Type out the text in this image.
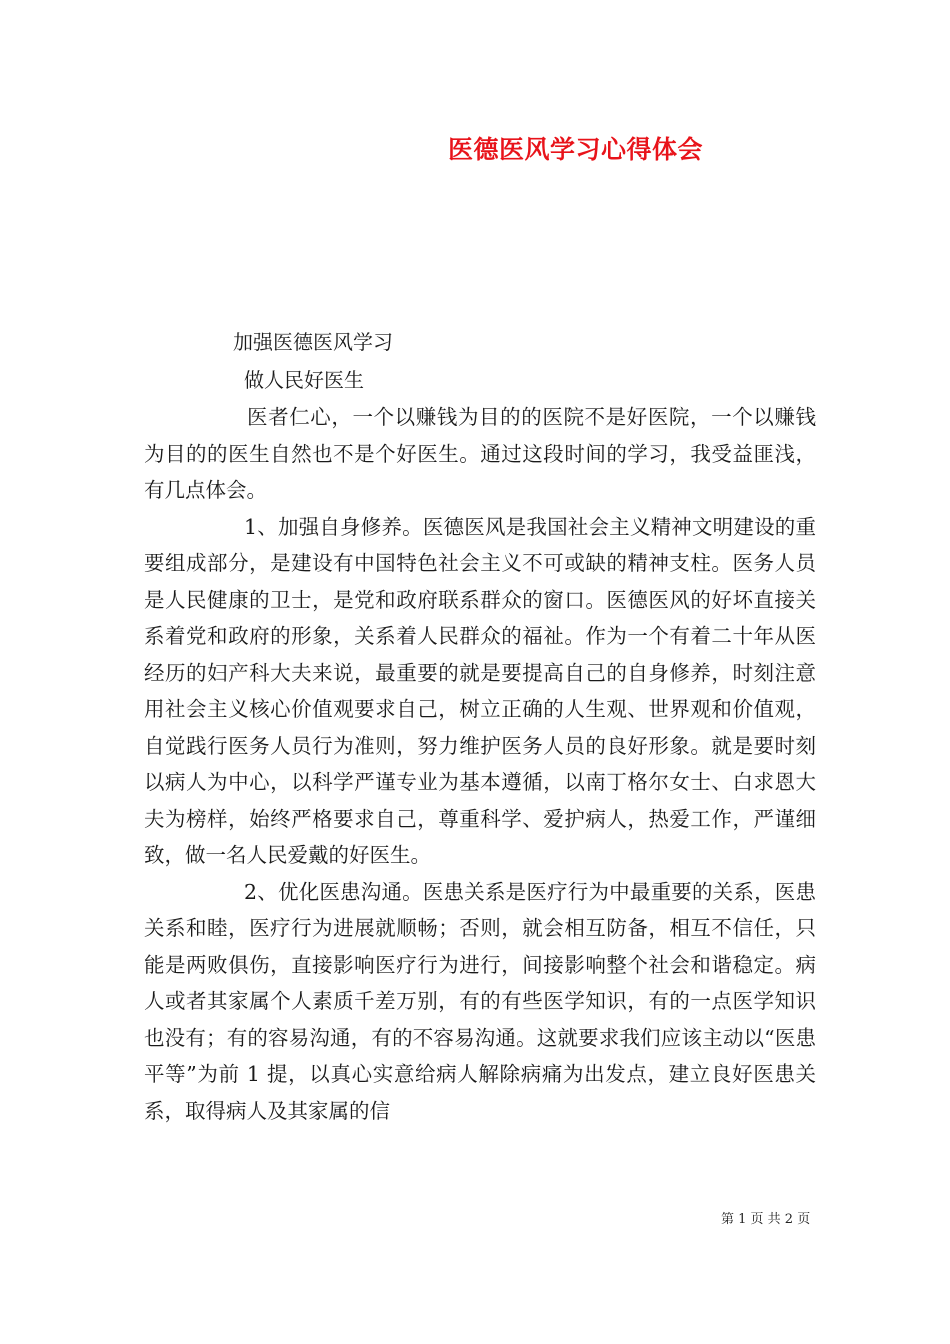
医德医风学习心得体会
加强医德医风学习
做人民好医生

医者仁心，一个以赚钱为目的的医院不是好医院，一个以赚钱为目的的医生自然也不是个好医生。通过这段时间的学习，我受益匪浅，有几点体会。

1、加强自身修养。医德医风是我国社会主义精神文明建设的重要组成部分，是建设有中国特色社会主义不可或缺的精神支柱。医务人员是人民健康的卫士，是党和政府联系群众的窗口。医德医风的好坏直接关系着党和政府的形象，关系着人民群众的福祉。作为一个有着二十年从医经历的妇产科大夫来说，最重要的就是要提高自己的自身修养，时刻注意用社会主义核心价值观要求自己，树立正确的人生观、世界观和价值观，自觉践行医务人员行为准则，努力维护医务人员的良好形象。就是要时刻以病人为中心，以科学严谨专业为基本遵循，以南丁格尔女士、白求恩大夫为榜样，始终严格要求自己，尊重科学、爱护病人，热爱工作，严谨细致，做一名人民爱戴的好医生。

2、优化医患沟通。医患关系是医疗行为中最重要的关系，医患关系和睦，医疗行为进展就顺畅；否则，就会相互防备，相互不信任，只能是两败俱伤，直接影响医疗行为进行，间接影响整个社会和谐稳定。病人或者其家属个人素质千差万别，有的有些医学知识，有的一点医学知识也没有；有的容易沟通，有的不容易沟通。这就要求我们应该主动以“医患平等”为前 1 提，以真心实意给病人解除病痛为出发点，建立良好医患关系，取得病人及其家属的信

第 1 页 共 2 页
